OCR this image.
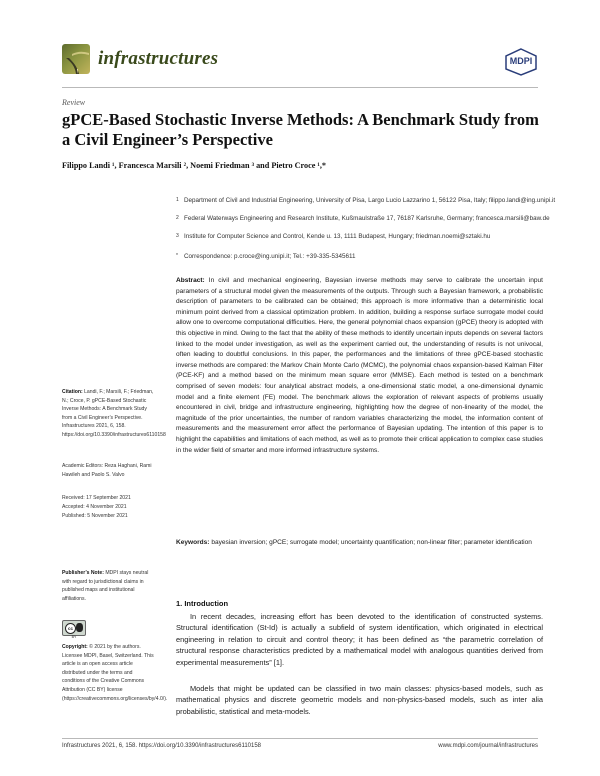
infrastructures	MDPI
Review
gPCE-Based Stochastic Inverse Methods: A Benchmark Study from a Civil Engineer’s Perspective
Filippo Landi ¹, Francesca Marsili ², Noemi Friedman ³ and Pietro Croce ¹,*
1 Department of Civil and Industrial Engineering, University of Pisa, Largo Lucio Lazzarino 1, 56122 Pisa, Italy; filippo.landi@ing.unipi.it
2 Federal Waterways Engineering and Research Institute, Kußmaulstraße 17, 76187 Karlsruhe, Germany; francesca.marsili@baw.de
3 Institute for Computer Science and Control, Kende u. 13, 1111 Budapest, Hungary; friedman.noemi@sztaki.hu
* Correspondence: p.croce@ing.unipi.it; Tel.: +39-335-5345611
Abstract: In civil and mechanical engineering, Bayesian inverse methods may serve to calibrate the uncertain input parameters of a structural model given the measurements of the outputs. Through such a Bayesian framework, a probabilistic description of parameters to be calibrated can be obtained; this approach is more informative than a deterministic local minimum point derived from a classical optimization problem. In addition, building a response surface surrogate model could allow one to overcome computational difficulties. Here, the general polynomial chaos expansion (gPCE) theory is adopted with this objective in mind. Owing to the fact that the ability of these methods to identify uncertain inputs depends on several factors linked to the model under investigation, as well as the experiment carried out, the understanding of results is not univocal, often leading to doubtful conclusions. In this paper, the performances and the limitations of three gPCE-based stochastic inverse methods are compared: the Markov Chain Monte Carlo (MCMC), the polynomial chaos expansion-based Kalman Filter (PCE-KF) and a method based on the minimum mean square error (MMSE). Each method is tested on a benchmark comprised of seven models: four analytical abstract models, a one-dimensional static model, a one-dimensional dynamic model and a finite element (FE) model. The benchmark allows the exploration of relevant aspects of problems usually encountered in civil, bridge and infrastructure engineering, highlighting how the degree of non-linearity of the model, the magnitude of the prior uncertainties, the number of random variables characterizing the model, the information content of measurements and the measurement error affect the performance of Bayesian updating. The intention of this paper is to highlight the capabilities and limitations of each method, as well as to promote their critical application to complex case studies in the wider field of smarter and more informed infrastructure systems.
Keywords: bayesian inversion; gPCE; surrogate model; uncertainty quantification; non-linear filter; parameter identification
Citation: Landi, F.; Marsili, F.; Friedman, N.; Croce, P. gPCE-Based Stochastic Inverse Methods: A Benchmark Study from a Civil Engineer’s Perspective. Infrastructures 2021, 6, 158. https://doi.org/10.3390/infrastructures6110158
Academic Editors: Reza Haghani, Rami Hawileh and Paolo S. Valvo
Received: 17 September 2021
Accepted: 4 November 2021
Published: 5 November 2021
Publisher’s Note: MDPI stays neutral with regard to jurisdictional claims in published maps and institutional affiliations.
cc
BY
Copyright: © 2021 by the authors. Licensee MDPI, Basel, Switzerland. This article is an open access article distributed under the terms and conditions of the Creative Commons Attribution (CC BY) license (https://creativecommons.org/licenses/by/4.0/).
1. Introduction
In recent decades, increasing effort has been devoted to the identification of constructed systems. Structural identification (St-Id) is actually a subfield of system identification, which originated in electrical engineering in relation to circuit and control theory; it has been defined as “the parametric correlation of structural response characteristics predicted by a mathematical model with analogous quantities derived from experimental measurements” [1].
Models that might be updated can be classified in two main classes: physics-based models, such as mathematical physics and discrete geometric models and non-physics-based models, such as inter alia probabilistic, statistical and meta-models.
Infrastructures 2021, 6, 158. https://doi.org/10.3390/infrastructures6110158	www.mdpi.com/journal/infrastructures
